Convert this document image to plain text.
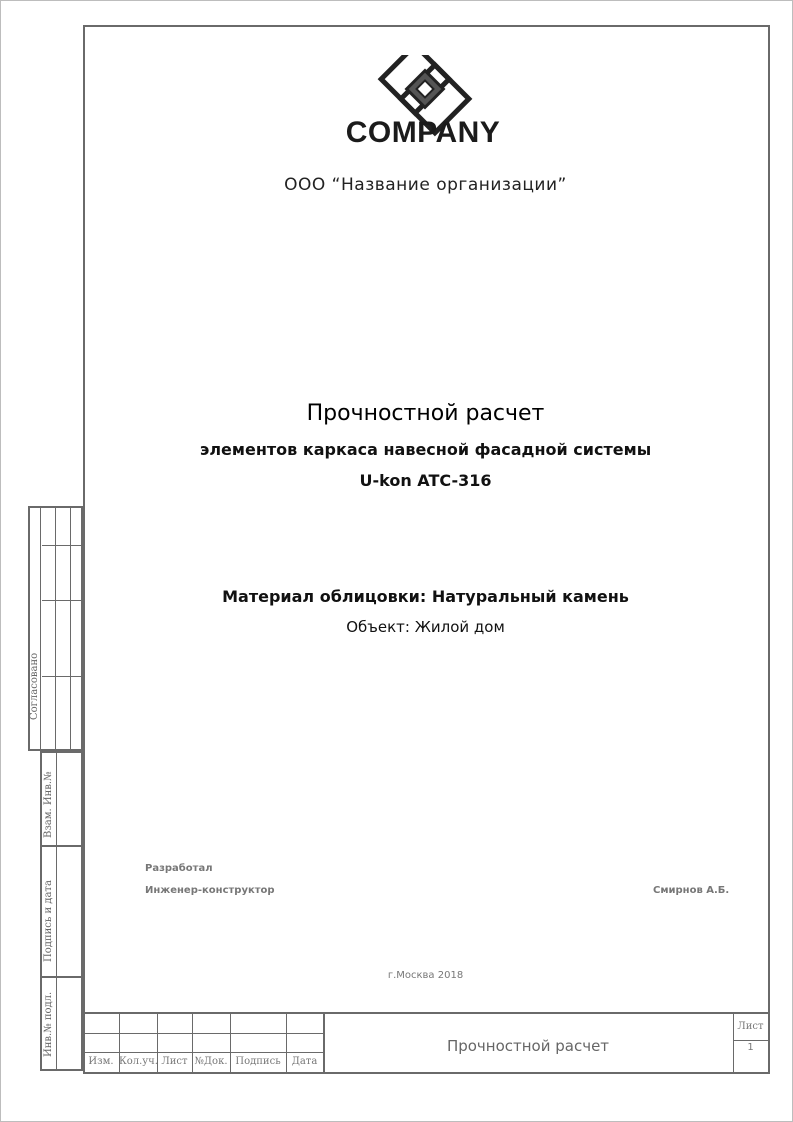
COMPANY
ООО “Название организации”
Прочностной расчет
элементов каркаса навесной фасадной системы
U-kon ATC-316
Материал облицовки: Натуральный камень
Объект: Жилой дом
Разработал
Инженер-конструктор	Смирнов А.Б.
г.Москва 2018
Согласовано
Взам. Инв.№
Подпись и дата
Инв.№ подл.
Изм. Кол.уч. Лист №Док. Подпись	Дата
Прочностной расчет
Лист
1
